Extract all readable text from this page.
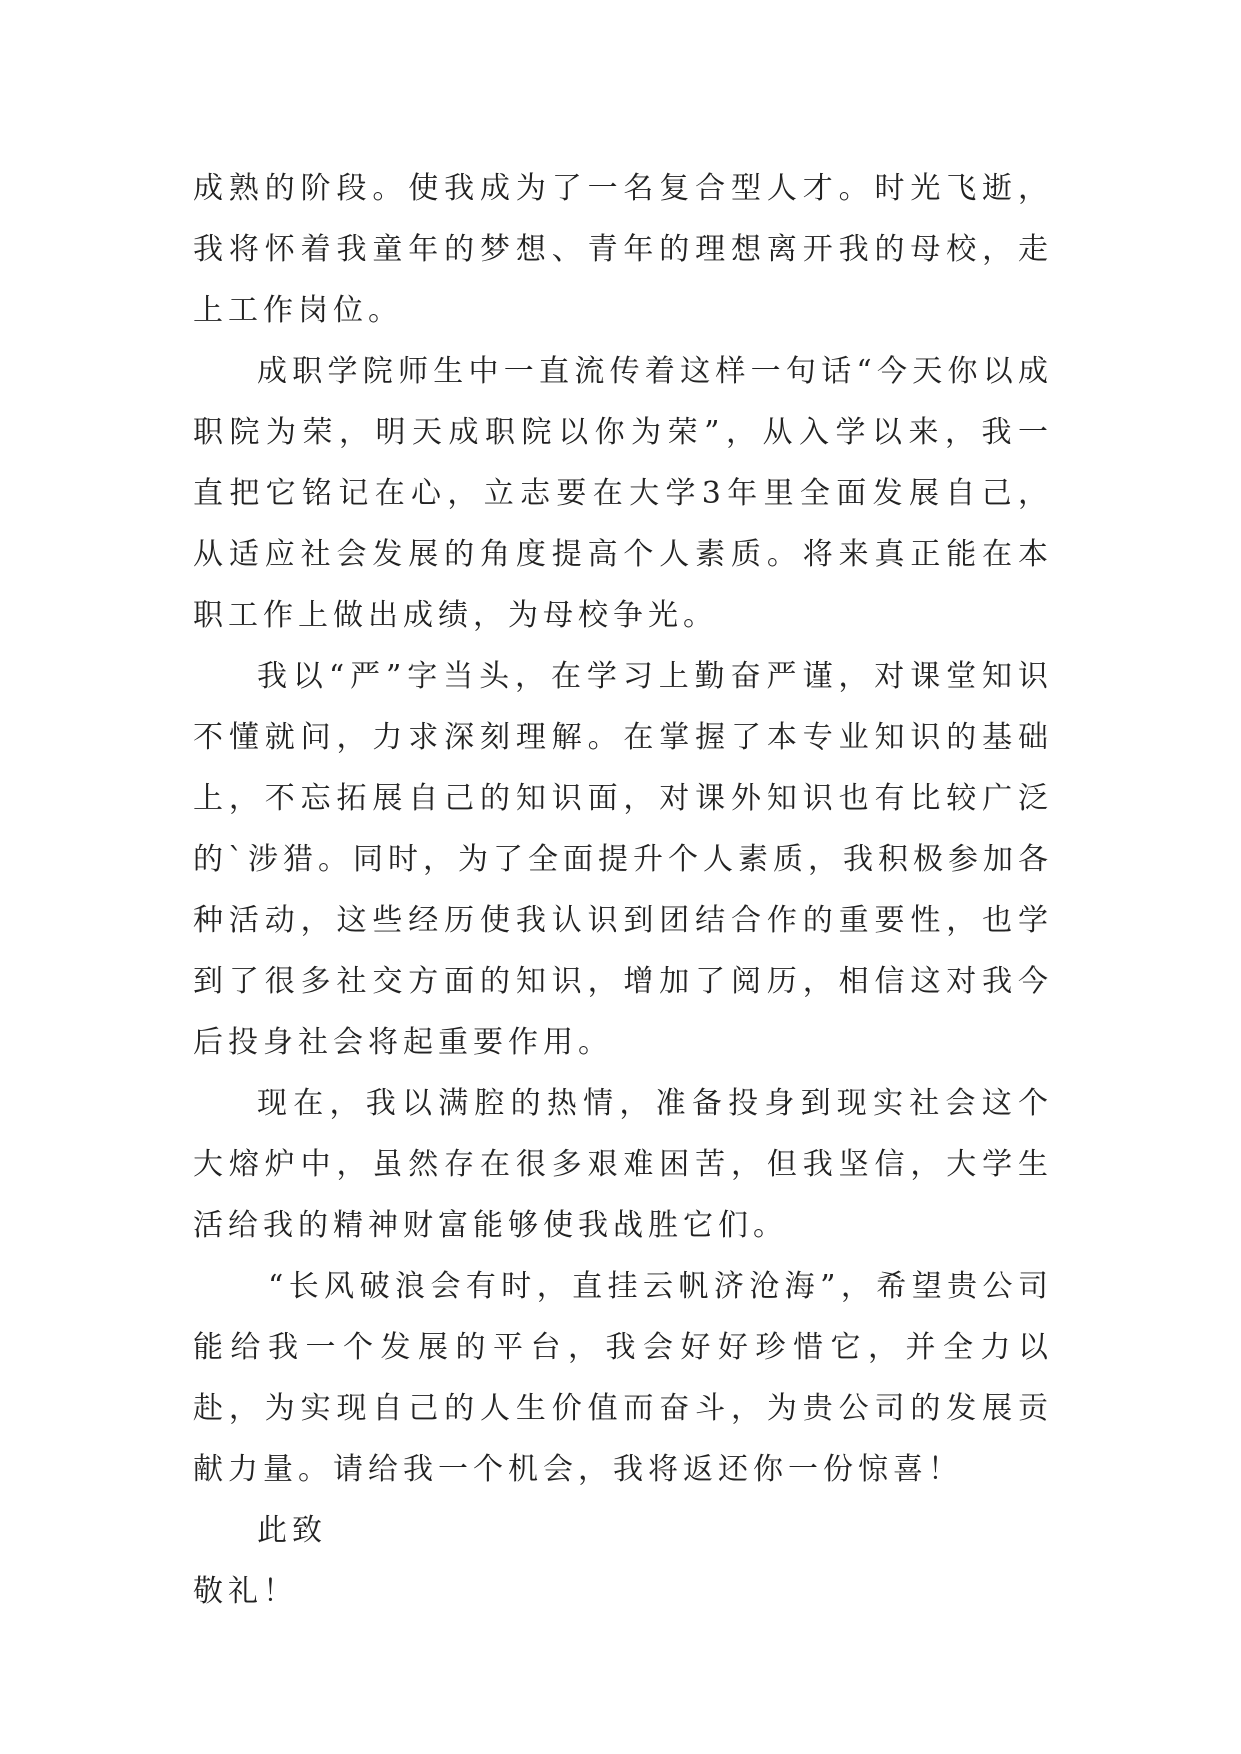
成熟的阶段。使我成为了一名复合型人才。时光飞逝，我将怀着我童年的梦想、青年的理想离开我的母校，走上工作岗位。

成职学院师生中一直流传着这样一句话“今天你以成职院为荣，明天成职院以你为荣”，从入学以来，我一直把它铭记在心，立志要在大学3年里全面发展自己，从适应社会发展的角度提高个人素质。将来真正能在本职工作上做出成绩，为母校争光。

我以“严”字当头，在学习上勤奋严谨，对课堂知识不懂就问，力求深刻理解。在掌握了本专业知识的基础上，不忘拓展自己的知识面，对课外知识也有比较广泛的`涉猎。同时，为了全面提升个人素质，我积极参加各种活动，这些经历使我认识到团结合作的重要性，也学到了很多社交方面的知识，增加了阅历，相信这对我今后投身社会将起重要作用。

现在，我以满腔的热情，准备投身到现实社会这个大熔炉中，虽然存在很多艰难困苦，但我坚信，大学生活给我的精神财富能够使我战胜它们。

“长风破浪会有时，直挂云帆济沧海”，希望贵公司能给我一个发展的平台，我会好好珍惜它，并全力以赴，为实现自己的人生价值而奋斗，为贵公司的发展贡献力量。请给我一个机会，我将返还你一份惊喜！

此致

敬礼！
